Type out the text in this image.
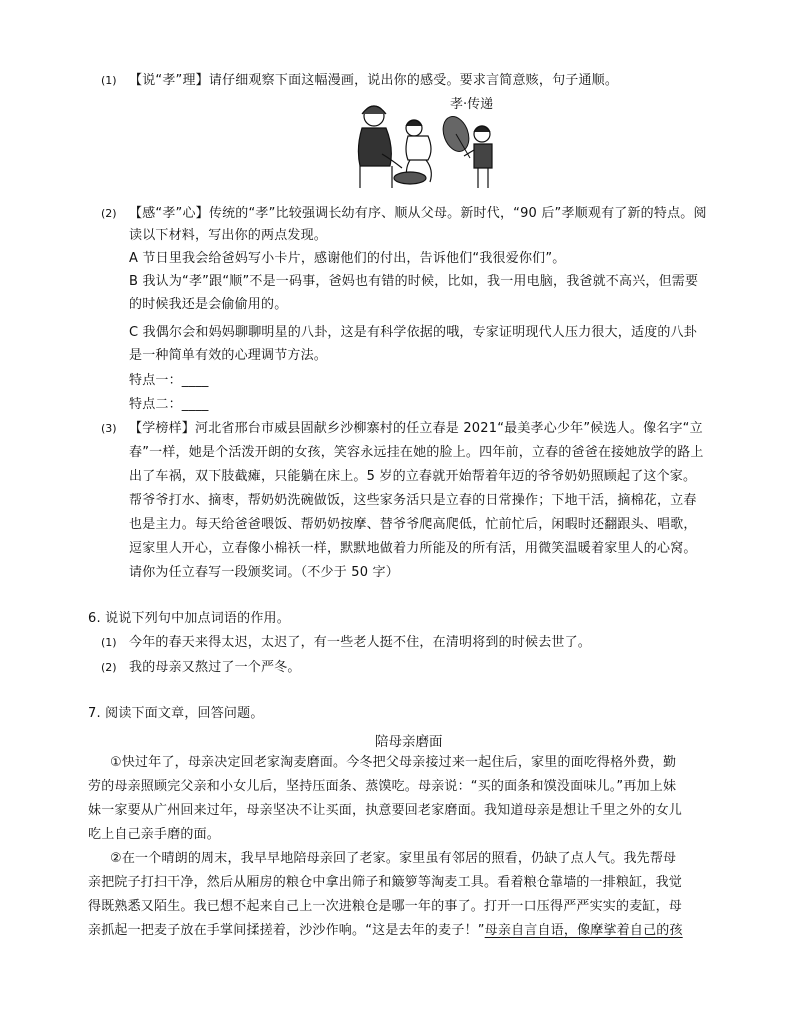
(1) 【说“孝”理】请仔细观察下面这幅漫画，说出你的感受。要求言简意赅，句子通顺。
孝·传递
(2) 【感“孝”心】传统的“孝”比较强调长幼有序、顺从父母。新时代，“90 后”孝顺观有了新的特点。阅
读以下材料，写出你的两点发现。
A 节日里我会给爸妈写小卡片，感谢他们的付出，告诉他们“我很爱你们”。
B 我认为“孝”跟“顺”不是一码事，爸妈也有错的时候，比如，我一用电脑，我爸就不高兴，但需要
的时候我还是会偷偷用的。
C 我偶尔会和妈妈聊聊明星的八卦，这是有科学依据的哦，专家证明现代人压力很大，适度的八卦
是一种简单有效的心理调节方法。
特点一：____
特点二：____
(3) 【学榜样】河北省邢台市威县固献乡沙柳寨村的任立春是 2021“最美孝心少年”候选人。像名字“立
春”一样，她是个活泼开朗的女孩，笑容永远挂在她的脸上。四年前，立春的爸爸在接她放学的路上
出了车祸，双下肢截瘫，只能躺在床上。5 岁的立春就开始帮着年迈的爷爷奶奶照顾起了这个家。
帮爷爷打水、摘枣，帮奶奶洗碗做饭，这些家务活只是立春的日常操作；下地干活，摘棉花，立春
也是主力。每天给爸爸喂饭、帮奶奶按摩、替爷爷爬高爬低，忙前忙后，闲暇时还翻跟头、唱歌，
逗家里人开心，立春像小棉袄一样，默默地做着力所能及的所有活，用微笑温暖着家里人的心窝。
请你为任立春写一段颁奖词。（不少于 50 字）
6. 说说下列句中加点词语的作用。
(1) 今年的春天来得太迟，太迟了，有一些老人挺不住，在清明将到的时候去世了。
(2) 我的母亲又熬过了一个严冬。
7. 阅读下面文章，回答问题。
陪母亲磨面
①快过年了，母亲决定回老家淘麦磨面。今冬把父母亲接过来一起住后，家里的面吃得格外费，勤
劳的母亲照顾完父亲和小女儿后，坚持压面条、蒸馍吃。母亲说：“买的面条和馍没面味儿。”再加上妹
妹一家要从广州回来过年，母亲坚决不让买面，执意要回老家磨面。我知道母亲是想让千里之外的女儿
吃上自己亲手磨的面。
②在一个晴朗的周末，我早早地陪母亲回了老家。家里虽有邻居的照看，仍缺了点人气。我先帮母
亲把院子打扫干净，然后从厢房的粮仓中拿出筛子和簸箩等淘麦工具。看着粮仓靠墙的一排粮缸，我觉
得既熟悉又陌生。我已想不起来自己上一次进粮仓是哪一年的事了。打开一口压得严严实实的麦缸，母
亲抓起一把麦子放在手掌间揉搓着，沙沙作响。“这是去年的麦子！”母亲自言自语，像摩挲着自己的孩
